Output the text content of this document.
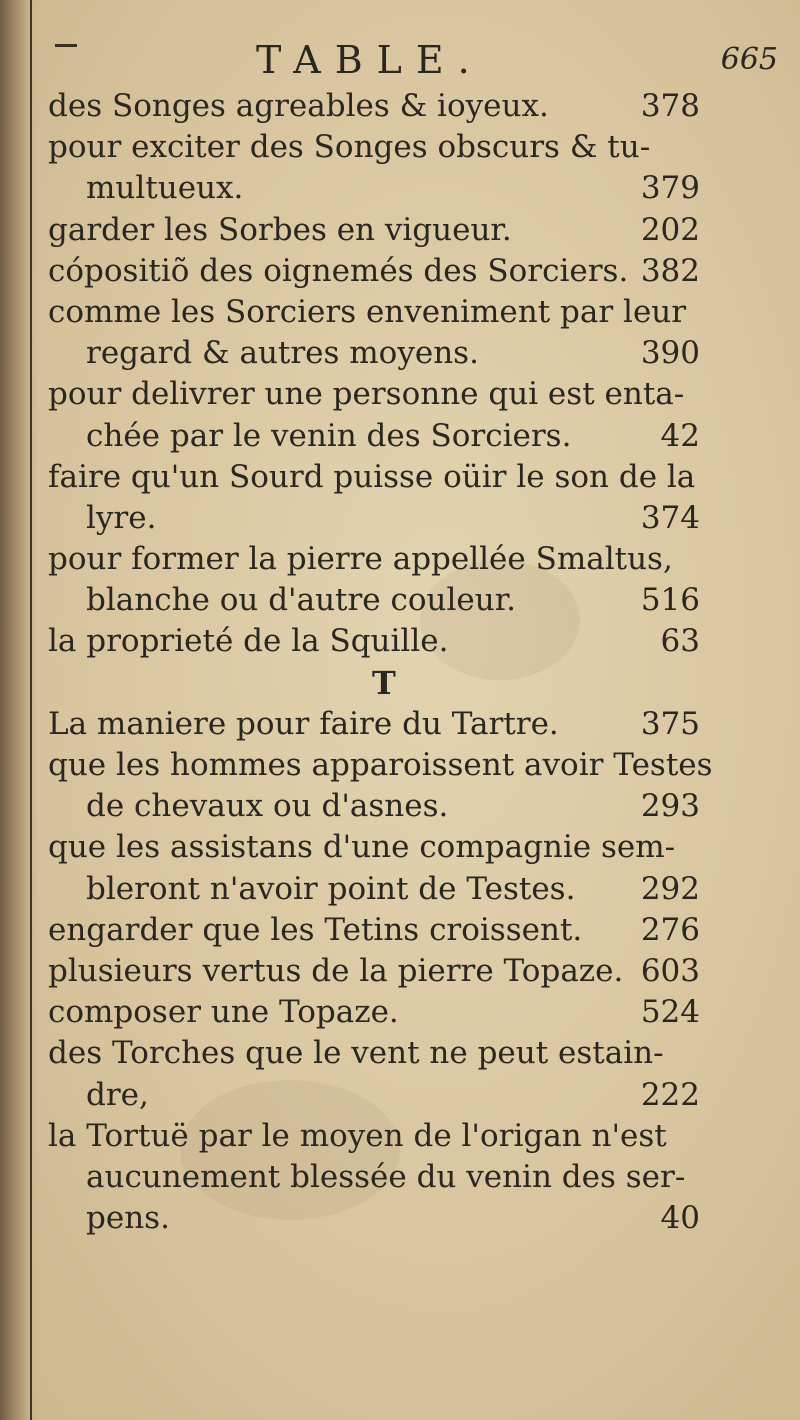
TABLE.	665
des Songes agreables & ioyeux.	378
pour exciter des Songes obscurs & tu-
multueux.	379
garder les Sorbes en vigueur.	202
cópositiõ des oignemés des Sorciers. 382
comme les Sorciers enveniment par leur
regard & autres moyens.	390
pour delivrer une personne qui est enta-
chée par le venin des Sorciers.	42
faire qu'un Sourd puisse oüir le son de la
lyre.	374
pour former la pierre appellée Smaltus,
blanche ou d'autre couleur.	516
la proprieté de la Squille.	63
T
La maniere pour faire du Tartre.	375
que les hommes apparoissent avoir Testes
de chevaux ou d'asnes.	293
que les assistans d'une compagnie sem-
bleront n'avoir point de Testes. 292
engarder que les Tetins croissent. 276
plusieurs vertus de la pierre Topaze. 603
composer une Topaze.	524
des Torches que le vent ne peut estain-
dre,	222
la Tortuë par le moyen de l'origan n'est
aucunement blessée du venin des ser-
pens.	40
